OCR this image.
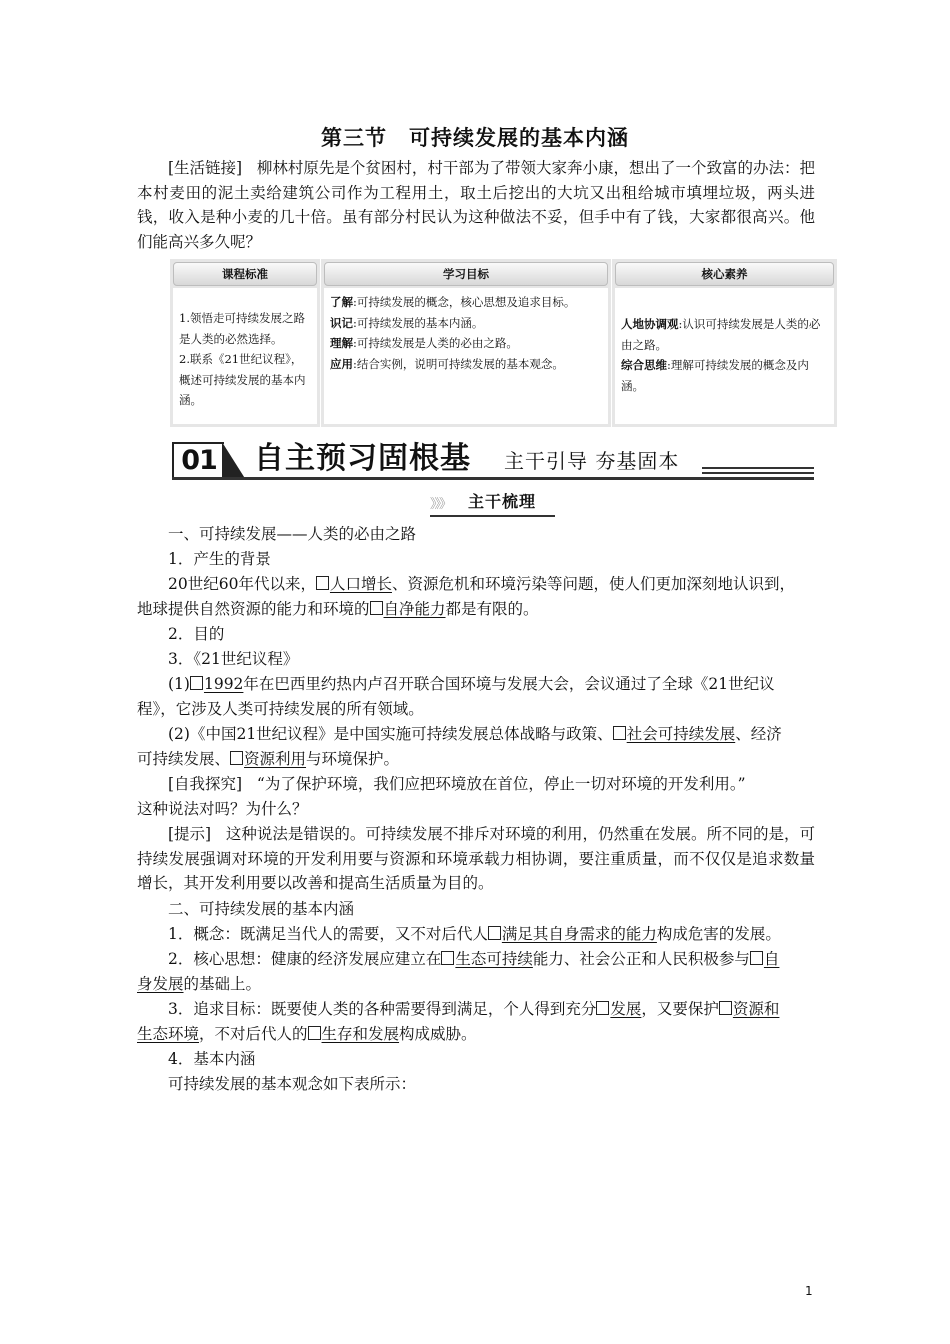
第三节 可持续发展的基本内涵
[生活链接] 柳林村原先是个贫困村，村干部为了带领大家奔小康，想出了一个致富的办法：把本村麦田的泥土卖给建筑公司作为工程用土，取土后挖出的大坑又出租给城市填埋垃圾，两头进钱，收入是种小麦的几十倍。虽有部分村民认为这种做法不妥，但手中有了钱，大家都很高兴。他们能高兴多久呢？
课程标准
1.领悟走可持续发展之路是人类的必然选择。
2.联系《21世纪议程》，概述可持续发展的基本内涵。
学习目标
了解:可持续发展的概念，核心思想及追求目标。
识记:可持续发展的基本内涵。
理解:可持续发展是人类的必由之路。
应用:结合实例，说明可持续发展的基本观念。
核心素养
人地协调观:认识可持续发展是人类的必由之路。
综合思维:理解可持续发展的概念及内涵。
01 自主预习固根基 主干引导 夯基固本
》》》 主干梳理
一、可持续发展——人类的必由之路
1．产生的背景
20世纪60年代以来， 人口增长、资源危机和环境污染等问题，使人们更加深刻地认识到，
地球提供自然资源的能力和环境的 自净能力都是有限的。
2．目的
3．《21世纪议程》
(1) 1992年在巴西里约热内卢召开联合国环境与发展大会，会议通过了全球《21世纪议
程》，它涉及人类可持续发展的所有领域。
(2)《中国21世纪议程》是中国实施可持续发展总体战略与政策、 社会可持续发展、经济
可持续发展、 资源利用与环境保护。
[自我探究] “为了保护环境，我们应把环境放在首位，停止一切对环境的开发利用。”
这种说法对吗？为什么？
[提示] 这种说法是错误的。可持续发展不排斥对环境的利用，仍然重在发展。所不同的是，可持续发展强调对环境的开发利用要与资源和环境承载力相协调，要注重质量，而不仅仅是追求数量增长，其开发利用要以改善和提高生活质量为目的。
二、可持续发展的基本内涵
1．概念：既满足当代人的需要，又不对后代人 满足其自身需求的能力构成危害的发展。
2．核心思想：健康的经济发展应建立在 生态可持续能力、社会公正和人民积极参与 自
身发展的基础上。
3．追求目标：既要使人类的各种需要得到满足，个人得到充分 发展，又要保护 资源和
生态环境，不对后代人的 生存和发展构成威胁。
4．基本内涵
可持续发展的基本观念如下表所示：
1
